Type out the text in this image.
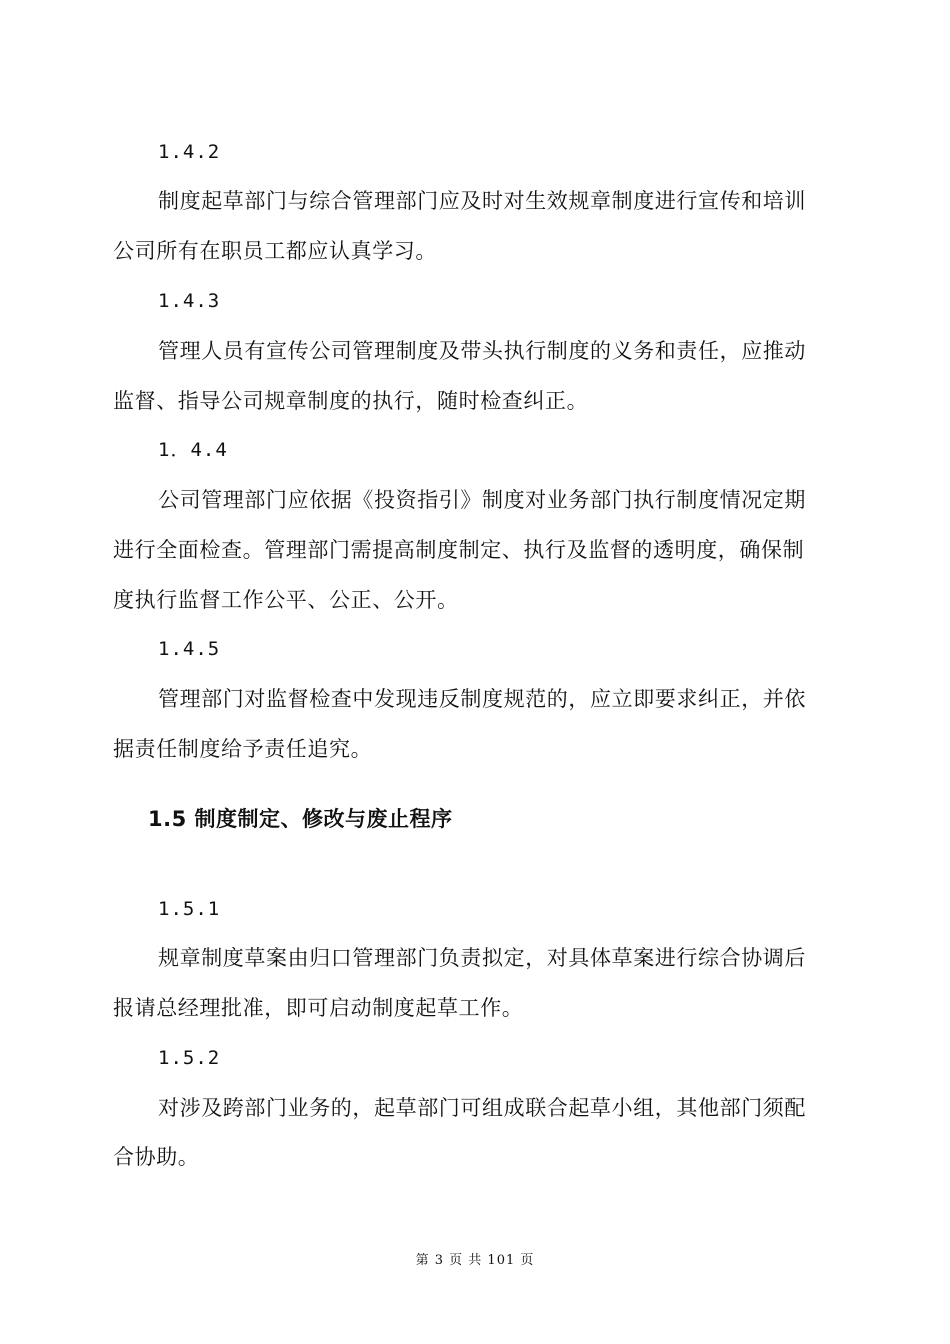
1.4.2
制度起草部门与综合管理部门应及时对生效规章制度进行宣传和培训
公司所有在职员工都应认真学习。
1.4.3
管理人员有宣传公司管理制度及带头执行制度的义务和责任，应推动
监督、指导公司规章制度的执行，随时检查纠正。
1．4.4
公司管理部门应依据《投资指引》制度对业务部门执行制度情况定期
进行全面检查。管理部门需提高制度制定、执行及监督的透明度，确保制
度执行监督工作公平、公正、公开。
1.4.5
管理部门对监督检查中发现违反制度规范的，应立即要求纠正，并依
据责任制度给予责任追究。
1.5 制度制定、修改与废止程序
1.5.1
规章制度草案由归口管理部门负责拟定，对具体草案进行综合协调后
报请总经理批准，即可启动制度起草工作。
1.5.2
对涉及跨部门业务的，起草部门可组成联合起草小组，其他部门须配
合协助。
第 3 页 共 101 页
